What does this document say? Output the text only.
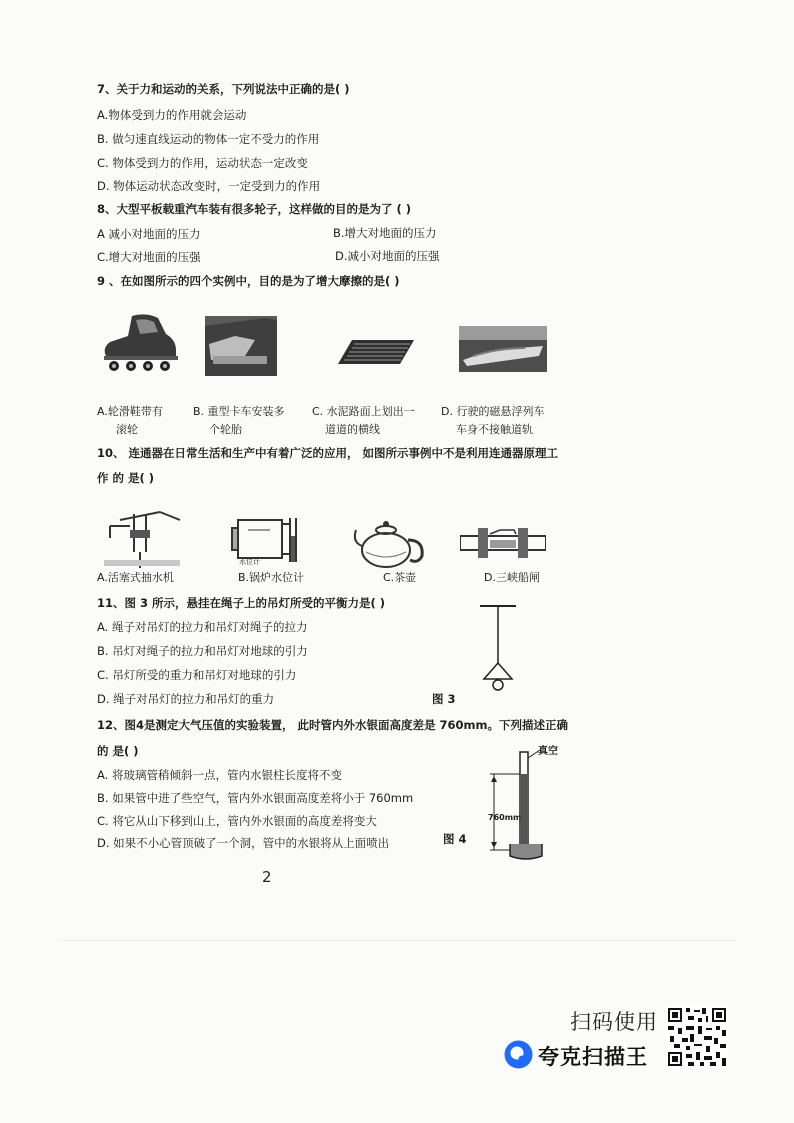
7、关于力和运动的关系，下列说法中正确的是( )
A.物体受到力的作用就会运动
B. 做匀速直线运动的物体一定不受力的作用
C. 物体受到力的作用，运动状态一定改变
D. 物体运动状态改变时，一定受到力的作用
8、大型平板载重汽车装有很多轮子，这样做的目的是为了 ( )
A 减小对地面的压力	B.增大对地面的压力
C.增大对地面的压强	D.减小对地面的压强
9 、在如图所示的四个实例中，目的是为了增大摩擦的是( )
A.轮滑鞋带有
滚轮
B. 重型卡车安装多
个轮胎
C. 水泥路面上划出一
道道的横线
D. 行驶的磁悬浮列车
车身不接触道轨
10、 连通器在日常生活和生产中有着广泛的应用， 如图所示事例中不是利用连通器原理工
作 的 是( )
水位计
A.活塞式抽水机	B.锅炉水位计	C.茶壶	D.三峡船闸
11、图 3 所示，悬挂在绳子上的吊灯所受的平衡力是( )
A. 绳子对吊灯的拉力和吊灯对绳子的拉力
B. 吊灯对绳子的拉力和吊灯对地球的引力
C. 吊灯所受的重力和吊灯对地球的引力
D. 绳子对吊灯的拉力和吊灯的重力	图 3
12、图4是测定大气压值的实验装置， 此时管内外水银面高度差是 760mm。下列描述正确
的 是( )
A. 将玻璃管稍倾斜一点，管内水银柱长度将不变
B. 如果管中进了些空气，管内外水银面高度差将小于 760mm
C. 将它从山下移到山上，管内外水银面的高度差将变大
D. 如果不小心管顶破了一个洞，管中的水银将从上面喷出
真空
760mm
图 4
2
扫码使用
夸克扫描王
